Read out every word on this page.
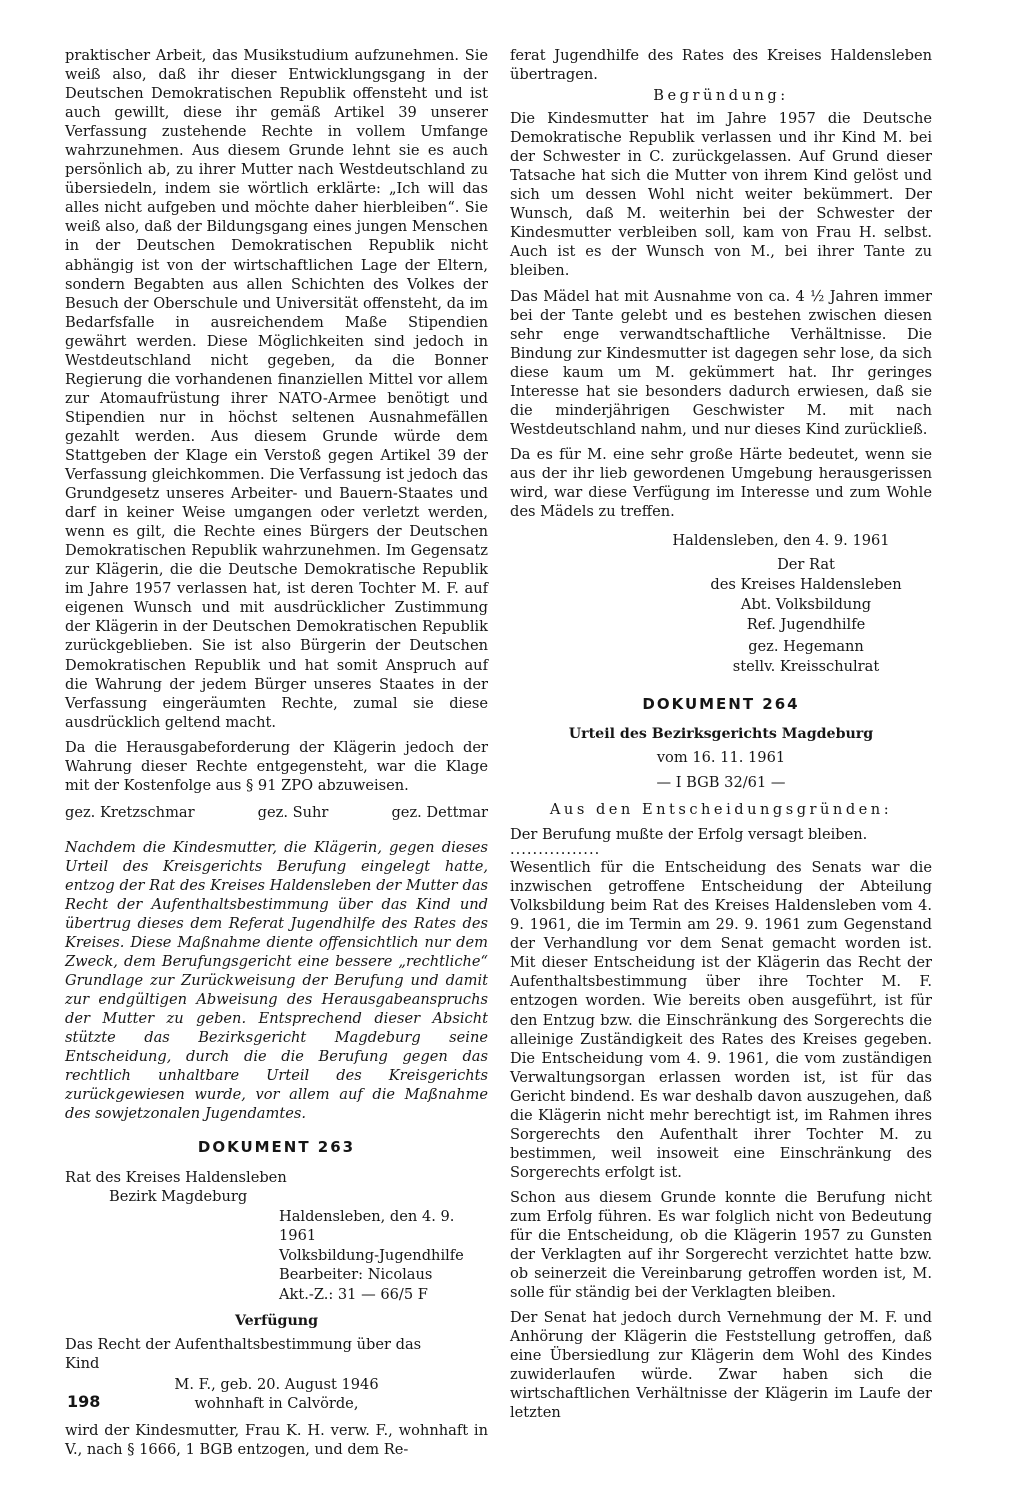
praktischer Arbeit, das Musikstudium aufzunehmen. Sie weiß also, daß ihr dieser Entwicklungsgang in der Deutschen Demokratischen Republik offensteht und ist auch gewillt, diese ihr gemäß Artikel 39 unserer Verfassung zustehende Rechte in vollem Umfange wahrzunehmen. Aus diesem Grunde lehnt sie es auch persönlich ab, zu ihrer Mutter nach Westdeutschland zu übersiedeln, indem sie wörtlich erklärte: „Ich will das alles nicht aufgeben und möchte daher hierbleiben“. Sie weiß also, daß der Bildungsgang eines jungen Menschen in der Deutschen Demokratischen Republik nicht abhängig ist von der wirtschaftlichen Lage der Eltern, sondern Begabten aus allen Schichten des Volkes der Besuch der Oberschule und Universität offensteht, da im Bedarfsfalle in ausreichendem Maße Stipendien gewährt werden. Diese Möglichkeiten sind jedoch in Westdeutschland nicht gegeben, da die Bonner Regierung die vorhandenen finanziellen Mittel vor allem zur Atomaufrüstung ihrer NATO-Armee benötigt und Stipendien nur in höchst seltenen Ausnahmefällen gezahlt werden. Aus diesem Grunde würde dem Stattgeben der Klage ein Verstoß gegen Artikel 39 der Verfassung gleichkommen. Die Verfassung ist jedoch das Grundgesetz unseres Arbeiter- und Bauern-Staates und darf in keiner Weise umgangen oder verletzt werden, wenn es gilt, die Rechte eines Bürgers der Deutschen Demokratischen Republik wahrzunehmen. Im Gegensatz zur Klägerin, die die Deutsche Demokratische Republik im Jahre 1957 verlassen hat, ist deren Tochter M. F. auf eigenen Wunsch und mit ausdrücklicher Zustimmung der Klägerin in der Deutschen Demokratischen Republik zurückgeblieben. Sie ist also Bürgerin der Deutschen Demokratischen Republik und hat somit Anspruch auf die Wahrung der jedem Bürger unseres Staates in der Verfassung eingeräumten Rechte, zumal sie diese ausdrücklich geltend macht.

Da die Herausgabeforderung der Klägerin jedoch der Wahrung dieser Rechte entgegensteht, war die Klage mit der Kostenfolge aus § 91 ZPO abzuweisen.

gez. Kretzschmar	gez. Suhr	gez. Dettmar

Nachdem die Kindesmutter, die Klägerin, gegen dieses Urteil des Kreisgerichts Berufung eingelegt hatte, entzog der Rat des Kreises Haldensleben der Mutter das Recht der Aufenthaltsbestimmung über das Kind und übertrug dieses dem Referat Jugendhilfe des Rates des Kreises. Diese Maßnahme diente offensichtlich nur dem Zweck, dem Berufungsgericht eine bessere „rechtliche“ Grundlage zur Zurückweisung der Berufung und damit zur endgültigen Abweisung des Herausgabeanspruchs der Mutter zu geben. Entsprechend dieser Absicht stützte das Bezirksgericht Magdeburg seine Entscheidung, durch die die Berufung gegen das rechtlich unhaltbare Urteil des Kreisgerichts zurückgewiesen wurde, vor allem auf die Maßnahme des sowjetzonalen Jugendamtes.

DOKUMENT 263
Rat des Kreises Haldensleben
Bezirk Magdeburg
Haldensleben, den 4. 9. 1961
Volksbildung-Jugendhilfe
Bearbeiter: Nicolaus
Akt.-Z.: 31 — 66/5 F
Verfügung

Das Recht der Aufenthaltsbestimmung über das Kind

M. F., geb. 20. August 1946
wohnhaft in Calvörde,

wird der Kindesmutter, Frau K. H. verw. F., wohnhaft in V., nach § 1666, 1 BGB entzogen, und dem Re-

ferat Jugendhilfe des Rates des Kreises Haldensleben übertragen.

Begründung:

Die Kindesmutter hat im Jahre 1957 die Deutsche Demokratische Republik verlassen und ihr Kind M. bei der Schwester in C. zurückgelassen. Auf Grund dieser Tatsache hat sich die Mutter von ihrem Kind gelöst und sich um dessen Wohl nicht weiter bekümmert. Der Wunsch, daß M. weiterhin bei der Schwester der Kindesmutter verbleiben soll, kam von Frau H. selbst. Auch ist es der Wunsch von M., bei ihrer Tante zu bleiben.

Das Mädel hat mit Ausnahme von ca. 4 ½ Jahren immer bei der Tante gelebt und es bestehen zwischen diesen sehr enge verwandtschaftliche Verhältnisse. Die Bindung zur Kindesmutter ist dagegen sehr lose, da sich diese kaum um M. gekümmert hat. Ihr geringes Interesse hat sie besonders dadurch erwiesen, daß sie die minderjährigen Geschwister M. mit nach Westdeutschland nahm, und nur dieses Kind zurückließ.

Da es für M. eine sehr große Härte bedeutet, wenn sie aus der ihr lieb gewordenen Umgebung herausgerissen wird, war diese Verfügung im Interesse und zum Wohle des Mädels zu treffen.

Haldensleben, den 4. 9. 1961
Der Rat
des Kreises Haldensleben
Abt. Volksbildung
Ref. Jugendhilfe
gez. Hegemann
stellv. Kreisschulrat
DOKUMENT 264
Urteil des Bezirksgerichts Magdeburg
vom 16. 11. 1961
— I BGB 32/61 —
Aus den Entscheidungsgründen:

Der Berufung mußte der Erfolg versagt bleiben.

................

Wesentlich für die Entscheidung des Senats war die inzwischen getroffene Entscheidung der Abteilung Volksbildung beim Rat des Kreises Haldensleben vom 4. 9. 1961, die im Termin am 29. 9. 1961 zum Gegenstand der Verhandlung vor dem Senat gemacht worden ist. Mit dieser Entscheidung ist der Klägerin das Recht der Aufenthaltsbestimmung über ihre Tochter M. F. entzogen worden. Wie bereits oben ausgeführt, ist für den Entzug bzw. die Einschränkung des Sorgerechts die alleinige Zuständigkeit des Rates des Kreises gegeben. Die Entscheidung vom 4. 9. 1961, die vom zuständigen Verwaltungsorgan erlassen worden ist, ist für das Gericht bindend. Es war deshalb davon auszugehen, daß die Klägerin nicht mehr berechtigt ist, im Rahmen ihres Sorgerechts den Aufenthalt ihrer Tochter M. zu bestimmen, weil insoweit eine Einschränkung des Sorgerechts erfolgt ist.

Schon aus diesem Grunde konnte die Berufung nicht zum Erfolg führen. Es war folglich nicht von Bedeutung für die Entscheidung, ob die Klägerin 1957 zu Gunsten der Verklagten auf ihr Sorgerecht verzichtet hatte bzw. ob seinerzeit die Vereinbarung getroffen worden ist, M. solle für ständig bei der Verklagten bleiben.

Der Senat hat jedoch durch Vernehmung der M. F. und Anhörung der Klägerin die Feststellung getroffen, daß eine Übersiedlung zur Klägerin dem Wohl des Kindes zuwiderlaufen würde. Zwar haben sich die wirtschaftlichen Verhältnisse der Klägerin im Laufe der letzten

198
